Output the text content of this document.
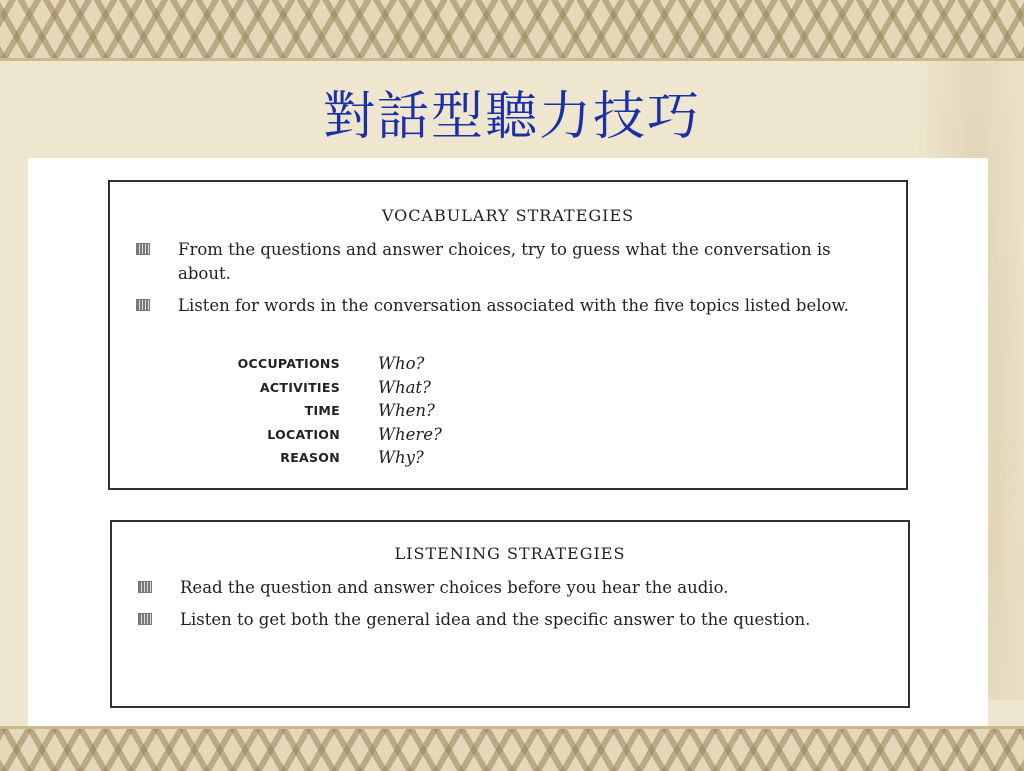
對話型聽力技巧
VOCABULARY STRATEGIES
From the questions and answer choices, try to guess what the conversation is about.
Listen for words in the conversation associated with the five topics listed below.
OCCUPATIONS Who?
ACTIVITIES What?
TIME When?
LOCATION Where?
REASON Why?
LISTENING STRATEGIES
Read the question and answer choices before you hear the audio.
Listen to get both the general idea and the specific answer to the question.
